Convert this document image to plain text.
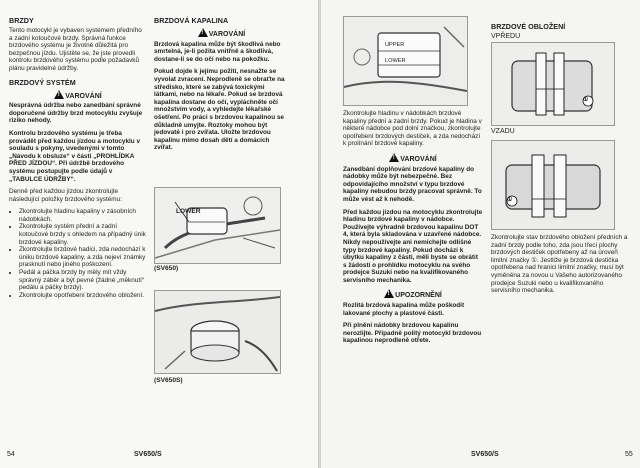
BRZDY
Tento motocykl je vybaven systémem předního a zadní kotoučové brzdy. Správná funkce brzdového systému je životně důležitá pro bezpečnou jízdu. Ujistěte se, že jste provedli kontrolu brzdového systému podle požadavků plánu pravidelné údržby.
BRZDOVÝ SYSTÉM
!VAROVÁNÍ
Nesprávná údržba nebo zanedbání správné doporučené údržby brzd motocyklu zvyšuje riziko nehody.
Kontrolu brzdového systému je třeba provádět před každou jízdou a motocyklu v souladu s pokyny, uvedenými v tomto „Návodu k obsluze“ v části „PROHLÍDKA PŘED JÍZDOU“. Při údržbě brzdového systému postupujte podle údajů v „TABULCE ÚDRŽBY“.
Denně před každou jízdou zkontrolujte následující položky brzdového systému:
• Zkontrolujte hladinu kapaliny v zásobních nádobkách.
• Zkontrolujte systém přední a zadní kotoučové brzdy s ohledem na případný únik brzdové kapaliny.
• Zkontrolujte brzdové hadici, zda nedochází k úniku brzdové kapaliny, a zda nejeví známky prasknutí nebo jiného poškození.
• Pedál a páčka brzdy by měly mít vždy správný záběr a být pevné (žádné „měknutí“ pedálu a páčky brzdy).
• Zkontrolujte opotřebení brzdového obložení.
BRZDOVÁ KAPALINA
!VAROVÁNÍ
Brzdová kapalina může být škodlivá nebo smrtelná, je-li požita vnitřně a škodlivá, dostane-li se do očí nebo na pokožku.
Pokud dojde k jejímu požití, nesnažte se vyvolat zvracení. Neprodleně se obraťte na středisko, které se zabývá toxickými látkami, nebo na lékaře. Pokud se brzdová kapalina dostane do očí, vypláchněte očí množstvím vody, a vyhledejte lékařské ošetření. Po práci s brzdovou kapalinou se důkladně umyjte. Roztoky mohou být jedovaté i pro zvířata. Uložte brzdovou kapalinu mimo dosah dětí a domácích zvířat.
LOWER
(SV650)
(SV650S)
54	SV650/S
UPPER
LOWER
Zkontrolujte hladinu v nádobkách brzdové kapaliny přední a zadní brzdy. Pokud je hladina v některé nádobce pod dolní značkou, zkontrolujte opotřebení brzdových destiček, a zda nedochází k prolínání brzdové kapaliny.
!VAROVÁNÍ
Zanedbání doplňování brzdové kapaliny do nádobky může být nebezpečné. Bez odpovídajícího množství v typu brzdové kapaliny nebudou brzdy pracovat správně. To může vést až k nehodě.
Před každou jízdou na motocyklu zkontrolujte hladinu brzdové kapaliny v nádobce. Používejte výhradně brzdovou kapalinu DOT 4, která byla skladována v uzavřené nádobce. Nikdy nepoužívejte ani nemíchejte odlišné typy brzdové kapaliny. Pokud dochází k úbytku kapaliny z části, měli byste se obrátit s žádostí o prohlídku motocyklu na svého prodejce Suzuki nebo na kvalifikovaného servisního mechanika.
!UPOZORNĚNÍ
Rozlitá brzdová kapalina může poškodit lakované plochy a plastové části.
Při plnění nádobky brzdovou kapalinu nerozlijte. Případně politý motocykl brzdovou kapalinou neprodleně otřete.
BRZDOVÉ OBLOŽENÍ
VPŘEDU
①
VZADU
①
Zkontrolujte stav brzdového obložení předních a zadní brzdy podle toho, zda jsou třecí plochy brzdových destiček opotřebeny až na úroveň limitní značky ①. Jestliže je brzdová destička opotřebena nad hranici limitní značky, musí být vyměněna za novou u Vašeho autorizovaného prodejce Suzuki nebo u kvalifikovaného servisního mechanika.
SV650/S	55
